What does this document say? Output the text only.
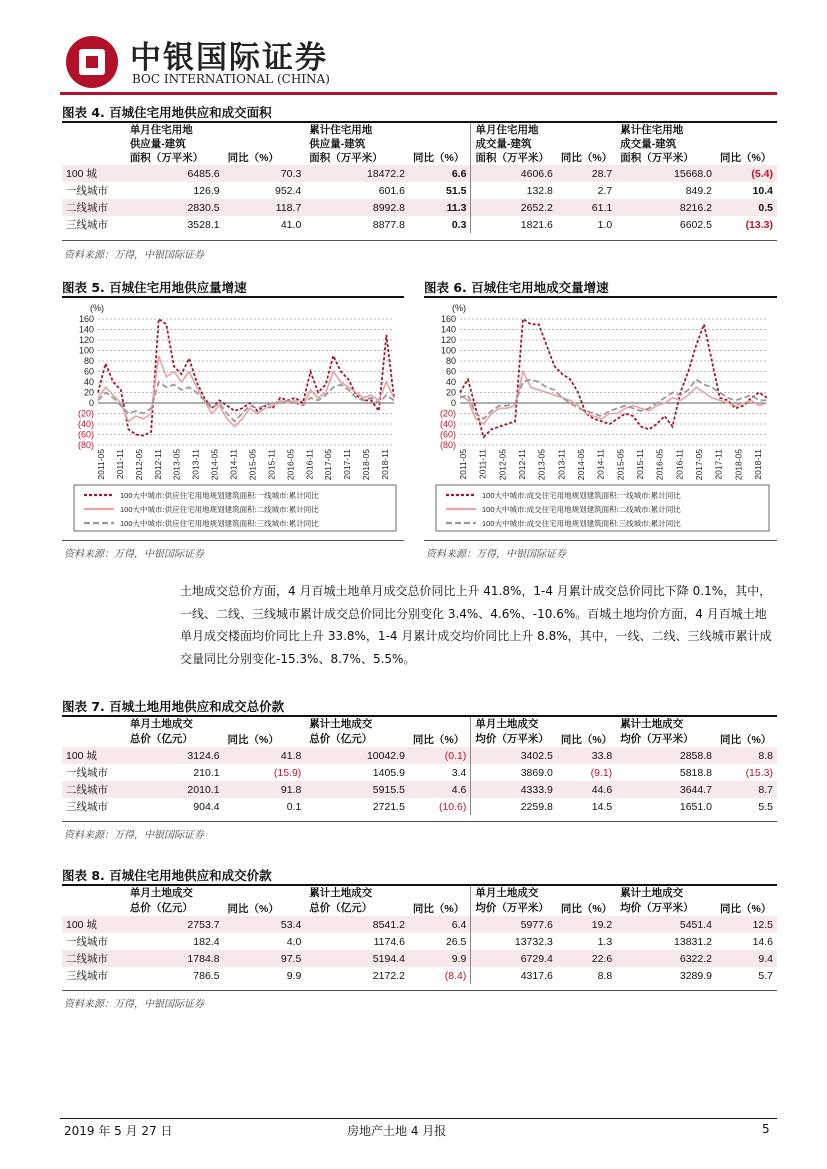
中银国际证券
BOC INTERNATIONAL (CHINA)
图表 4. 百城住宅用地供应和成交面积
	单月住宅用地
供应量-建筑
面积（万平米）	同比（%）	累计住宅用地
供应量-建筑
面积（万平米）	同比（%）	单月住宅用地
成交量-建筑
面积（万平米）	同比（%）	累计住宅用地
成交量-建筑
面积（万平米）	同比（%）
100 城	6485.6	70.3	18472.2	6.6	4606.6	28.7	15668.0	(5.4)
一线城市	126.9	952.4	601.6	51.5	132.8	2.7	849.2	10.4
二线城市	2830.5	118.7	8992.8	11.3	2652.2	61.1	8216.2	0.5
三线城市	3528.1	41.0	8877.8	0.3	1821.6	1.0	6602.5	(13.3)
资料来源：万得，中银国际证券
图表 5. 百城住宅用地供应量增速	图表 6. 百城住宅用地成交量增速
(%)
160
140
120
100
80
60
40
20
0
(20)
(40)
(60)
(80)
2011-05 2011-11 2012-05 2012-11 2013-05 2013-11 2014-05 2014-11 2015-05 2015-11 2016-05 2016-11 2017-05 2017-11 2018-05 2018-11
100大中城市:供应住宅用地规划建筑面积:一线城市:累计同比
100大中城市:供应住宅用地规划建筑面积:二线城市:累计同比
100大中城市:供应住宅用地规划建筑面积:三线城市:累计同比
(%)
160
140
120
100
80
60
40
20
0
(20)
(40)
(60)
(80)
2011-05 2011-11 2012-05 2012-11 2013-05 2013-11 2014-05 2014-11 2015-05 2015-11 2016-05 2016-11 2017-05 2017-11 2018-05 2018-11
100大中城市:成交住宅用地规划建筑面积:一线城市:累计同比
100大中城市:成交住宅用地规划建筑面积:二线城市:累计同比
100大中城市:成交住宅用地规划建筑面积:三线城市:累计同比
资料来源：万得，中银国际证券	资料来源：万得，中银国际证券
土地成交总价方面，4 月百城土地单月成交总价同比上升 41.8%，1-4 月累计成交总价同比下降 0.1%，其中，一线、二线、三线城市累计成交总价同比分别变化 3.4%、4.6%、-10.6%。百城土地均价方面，4 月百城土地单月成交楼面均价同比上升 33.8%，1-4 月累计成交均价同比上升 8.8%，其中，一线、二线、三线城市累计成交量同比分别变化-15.3%、8.7%、5.5%。
图表 7. 百城土地用地供应和成交总价款
	单月土地成交
总价（亿元）	同比（%）	累计土地成交
总价（亿元）	同比（%）	单月土地成交
均价（万平米）	同比（%）	累计土地成交
均价（万平米）	同比（%）
100 城	3124.6	41.8	10042.9	(0.1)	3402.5	33.8	2858.8	8.8
一线城市	210.1	(15.9)	1405.9	3.4	3869.0	(9.1)	5818.8	(15.3)
二线城市	2010.1	91.8	5915.5	4.6	4333.9	44.6	3644.7	8.7
三线城市	904.4	0.1	2721.5	(10.6)	2259.8	14.5	1651.0	5.5
资料来源：万得，中银国际证券
图表 8. 百城住宅用地供应和成交价款
	单月土地成交
总价（亿元）	同比（%）	累计土地成交
总价（亿元）	同比（%）	单月土地成交
均价（万平米）	同比（%）	累计土地成交
均价（万平米）	同比（%）
100 城	2753.7	53.4	8541.2	6.4	5977.6	19.2	5451.4	12.5
一线城市	182.4	4.0	1174.6	26.5	13732.3	1.3	13831.2	14.6
二线城市	1784.8	97.5	5194.4	9.9	6729.4	22.6	6322.2	9.4
三线城市	786.5	9.9	2172.2	(8.4)	4317.6	8.8	3289.9	5.7
资料来源：万得，中银国际证券
2019 年 5 月 27 日	房地产土地 4 月报	5
